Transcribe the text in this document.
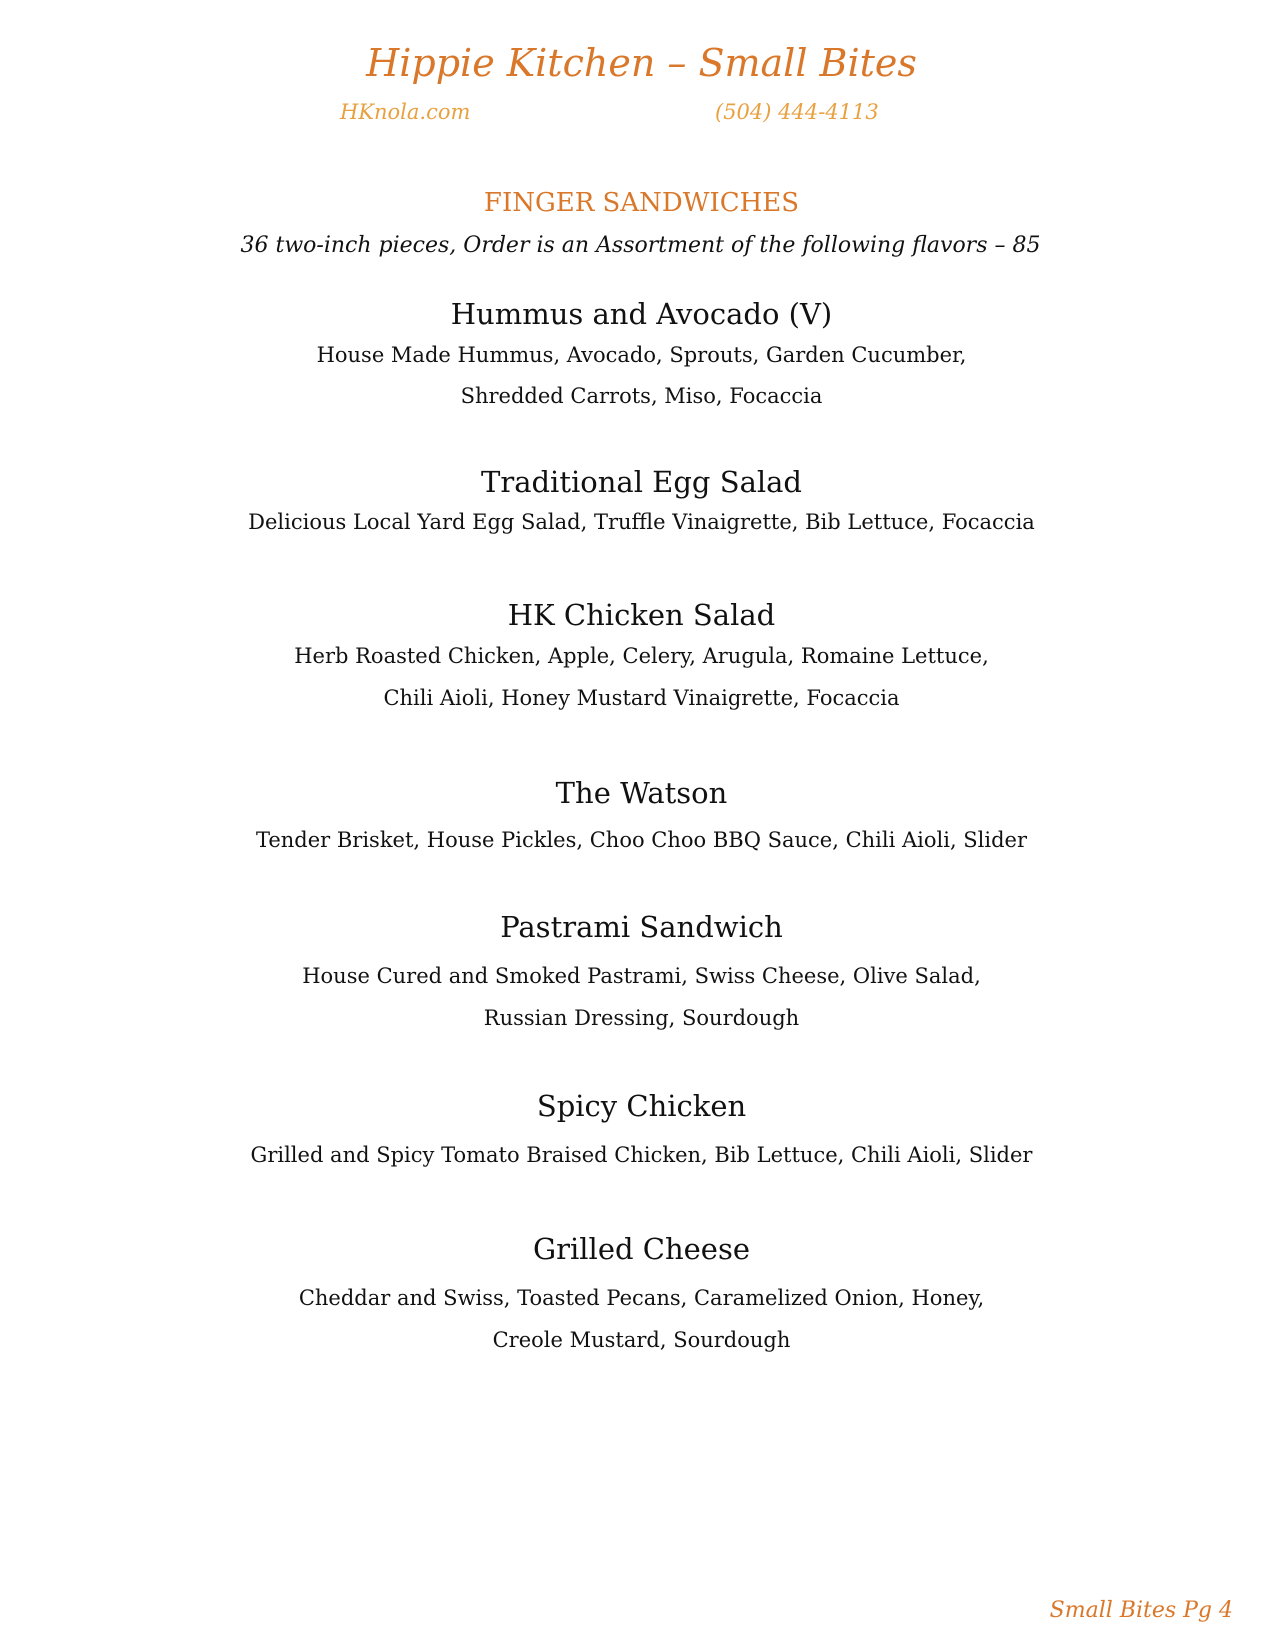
Hippie Kitchen – Small Bites
HKnola.com	(504) 444-4113
FINGER SANDWICHES
36 two-inch pieces, Order is an Assortment of the following flavors – 85
Hummus and Avocado (V)
House Made Hummus, Avocado, Sprouts, Garden Cucumber,
Shredded Carrots, Miso, Focaccia
Traditional Egg Salad
Delicious Local Yard Egg Salad, Truffle Vinaigrette, Bib Lettuce, Focaccia
HK Chicken Salad
Herb Roasted Chicken, Apple, Celery, Arugula, Romaine Lettuce,
Chili Aioli, Honey Mustard Vinaigrette, Focaccia
The Watson
Tender Brisket, House Pickles, Choo Choo BBQ Sauce, Chili Aioli, Slider
Pastrami Sandwich
House Cured and Smoked Pastrami, Swiss Cheese, Olive Salad,
Russian Dressing, Sourdough
Spicy Chicken
Grilled and Spicy Tomato Braised Chicken, Bib Lettuce, Chili Aioli, Slider
Grilled Cheese
Cheddar and Swiss, Toasted Pecans, Caramelized Onion, Honey,
Creole Mustard, Sourdough
Small Bites Pg 4
